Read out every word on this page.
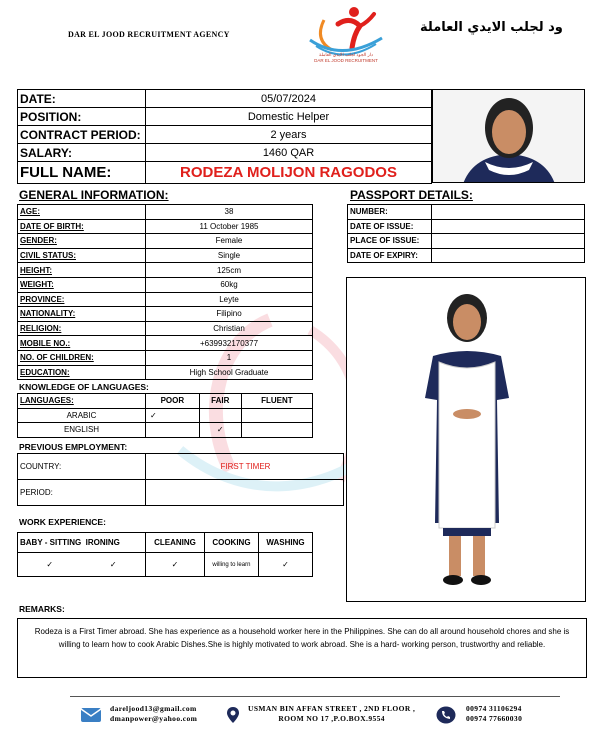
DAR EL JOOD RECRUITMENT AGENCY
دار الجود لجلب الايدي العاملة
DAR EL JOOD RECRUITMENT
ود لجلب الايدي العاملة
DATE:	05/07/2024
POSITION:	Domestic Helper
CONTRACT PERIOD:	2 years
SALARY:	1460 QAR
FULL NAME:	RODEZA MOLIJON RAGODOS
GENERAL INFORMATION:	PASSPORT DETAILS:
AGE:	38
DATE OF BIRTH:	11 October 1985
GENDER:	Female
CIVIL STATUS:	Single
HEIGHT:	125cm
WEIGHT:	60kg
PROVINCE:	Leyte
NATIONALITY:	Filipino
RELIGION:	Christian
MOBILE NO.:	+639932170377
NO. OF CHILDREN:	1
EDUCATION:	High School Graduate
NUMBER:	
DATE OF ISSUE:	
PLACE OF ISSUE:	
DATE OF EXPIRY:	
KNOWLEDGE OF LANGUAGES:
LANGUAGES:	POOR	FAIR	FLUENT
ARABIC	✓		
ENGLISH		✓	
PREVIOUS EMPLOYMENT:
COUNTRY:	FIRST TIMER
PERIOD:	
WORK EXPERIENCE:
BABY - SITTING IRONING		CLEANING	COOKING	WASHING
✓	✓	✓	willing to learn	✓
REMARKS:
Rodeza is a First Timer abroad. She has experience as a household worker here in the Philippines. She can do all around household chores and she is willing to learn how to cook Arabic Dishes.She is highly motivated to work abroad. She is a hard- working person, trustworthy and reliable.
dareljood13@gmail.com
dmanpower@yahoo.com
USMAN BIN AFFAN STREET , 2ND FLOOR ,
ROOM NO 17 ,P.O.BOX.9554
00974 31106294
00974 77660030
